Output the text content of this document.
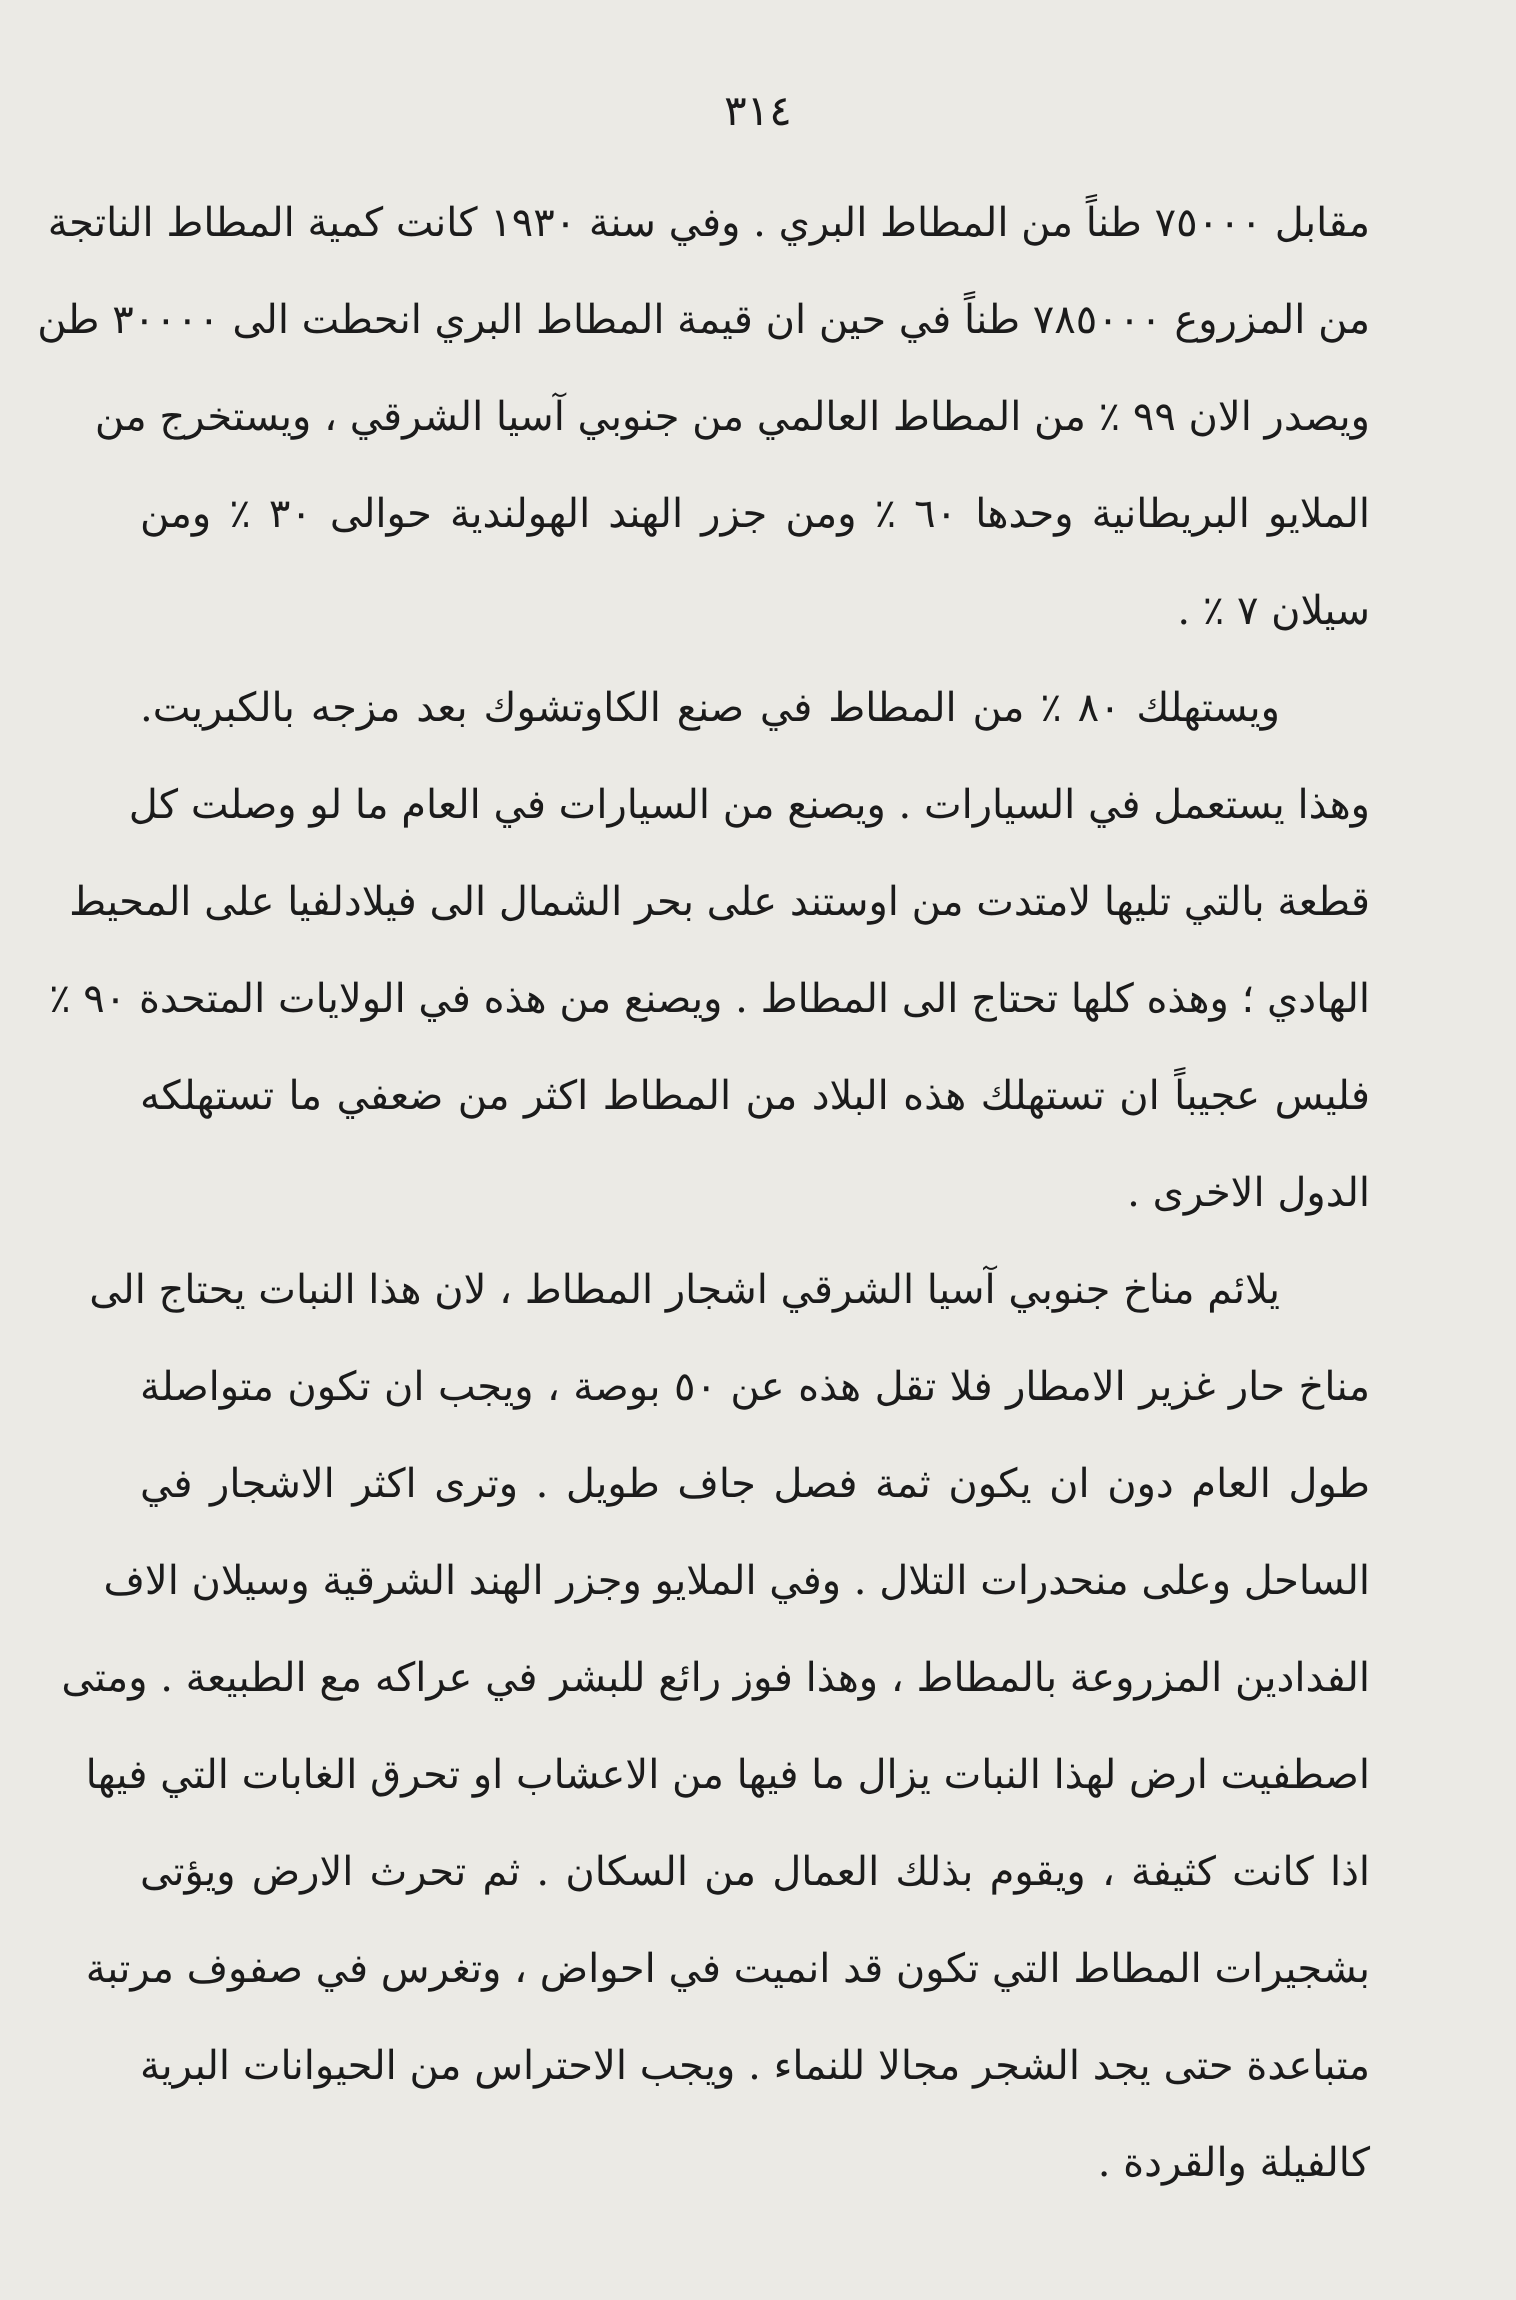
٣١٤
مقابل ٧٥٠٠٠ طناً من المطاط البري . وفي سنة ١٩٣٠ كانت كمية المطاط الناتجة
من المزروع ٧٨٥٠٠٠ طناً في حين ان قيمة المطاط البري انحطت الى ٣٠٠٠٠ طن
ويصدر الان ٩٩ ٪ من المطاط العالمي من جنوبي آسيا الشرقي ، ويستخرج من
الملايو البريطانية وحدها ٦٠ ٪ ومن جزر الهند الهولندية حوالى ٣٠ ٪ ومن
سيلان ٧ ٪ .
ويستهلك ٨٠ ٪ من المطاط في صنع الكاوتشوك بعد مزجه بالكبريت.
وهذا يستعمل في السيارات . ويصنع من السيارات في العام ما لو وصلت كل
قطعة بالتي تليها لامتدت من اوستند على بحر الشمال الى فيلادلفيا على المحيط
الهادي ؛ وهذه كلها تحتاج الى المطاط . ويصنع من هذه في الولايات المتحدة ٩٠ ٪
فليس عجيباً ان تستهلك هذه البلاد من المطاط اكثر من ضعفي ما تستهلكه
الدول الاخرى .
يلائم مناخ جنوبي آسيا الشرقي اشجار المطاط ، لان هذا النبات يحتاج الى
مناخ حار غزير الامطار فلا تقل هذه عن ٥٠ بوصة ، ويجب ان تكون متواصلة
طول العام دون ان يكون ثمة فصل جاف طويل . وترى اكثر الاشجار في
الساحل وعلى منحدرات التلال . وفي الملايو وجزر الهند الشرقية وسيلان الاف
الفدادين المزروعة بالمطاط ، وهذا فوز رائع للبشر في عراكه مع الطبيعة . ومتى
اصطفيت ارض لهذا النبات يزال ما فيها من الاعشاب او تحرق الغابات التي فيها
اذا كانت كثيفة ، ويقوم بذلك العمال من السكان . ثم تحرث الارض ويؤتى
بشجيرات المطاط التي تكون قد انميت في احواض ، وتغرس في صفوف مرتبة
متباعدة حتى يجد الشجر مجالا للنماء . ويجب الاحتراس من الحيوانات البرية
كالفيلة والقردة .
